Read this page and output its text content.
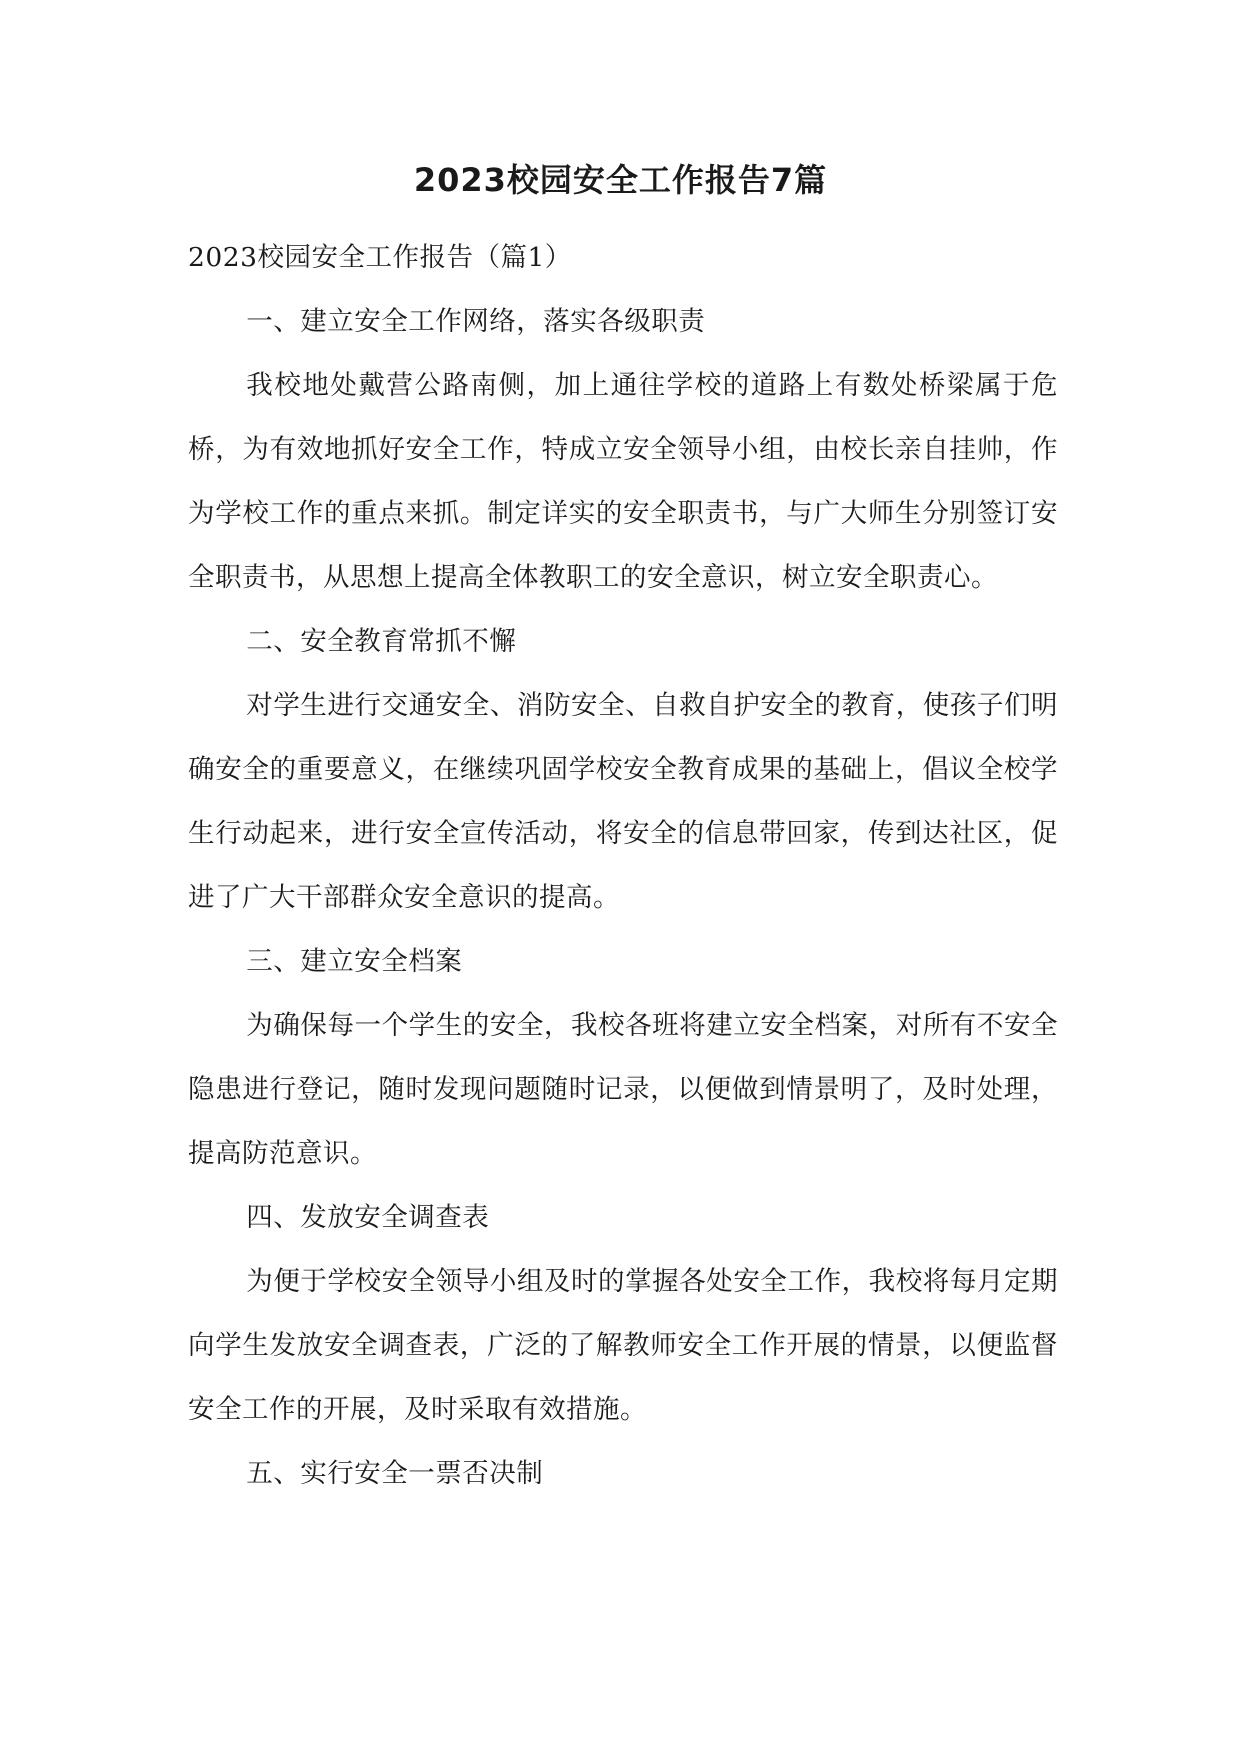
2023校园安全工作报告7篇

2023校园安全工作报告（篇1）

一、建立安全工作网络，落实各级职责

我校地处戴营公路南侧，加上通往学校的道路上有数处桥梁属于危桥，为有效地抓好安全工作，特成立安全领导小组，由校长亲自挂帅，作为学校工作的重点来抓。制定详实的安全职责书，与广大师生分别签订安全职责书，从思想上提高全体教职工的安全意识，树立安全职责心。

二、安全教育常抓不懈

对学生进行交通安全、消防安全、自救自护安全的教育，使孩子们明确安全的重要意义，在继续巩固学校安全教育成果的基础上，倡议全校学生行动起来，进行安全宣传活动，将安全的信息带回家，传到达社区，促进了广大干部群众安全意识的提高。

三、建立安全档案

为确保每一个学生的安全，我校各班将建立安全档案，对所有不安全隐患进行登记，随时发现问题随时记录，以便做到情景明了，及时处理，提高防范意识。

四、发放安全调查表

为便于学校安全领导小组及时的掌握各处安全工作，我校将每月定期向学生发放安全调查表，广泛的了解教师安全工作开展的情景，以便监督安全工作的开展，及时采取有效措施。

五、实行安全一票否决制
